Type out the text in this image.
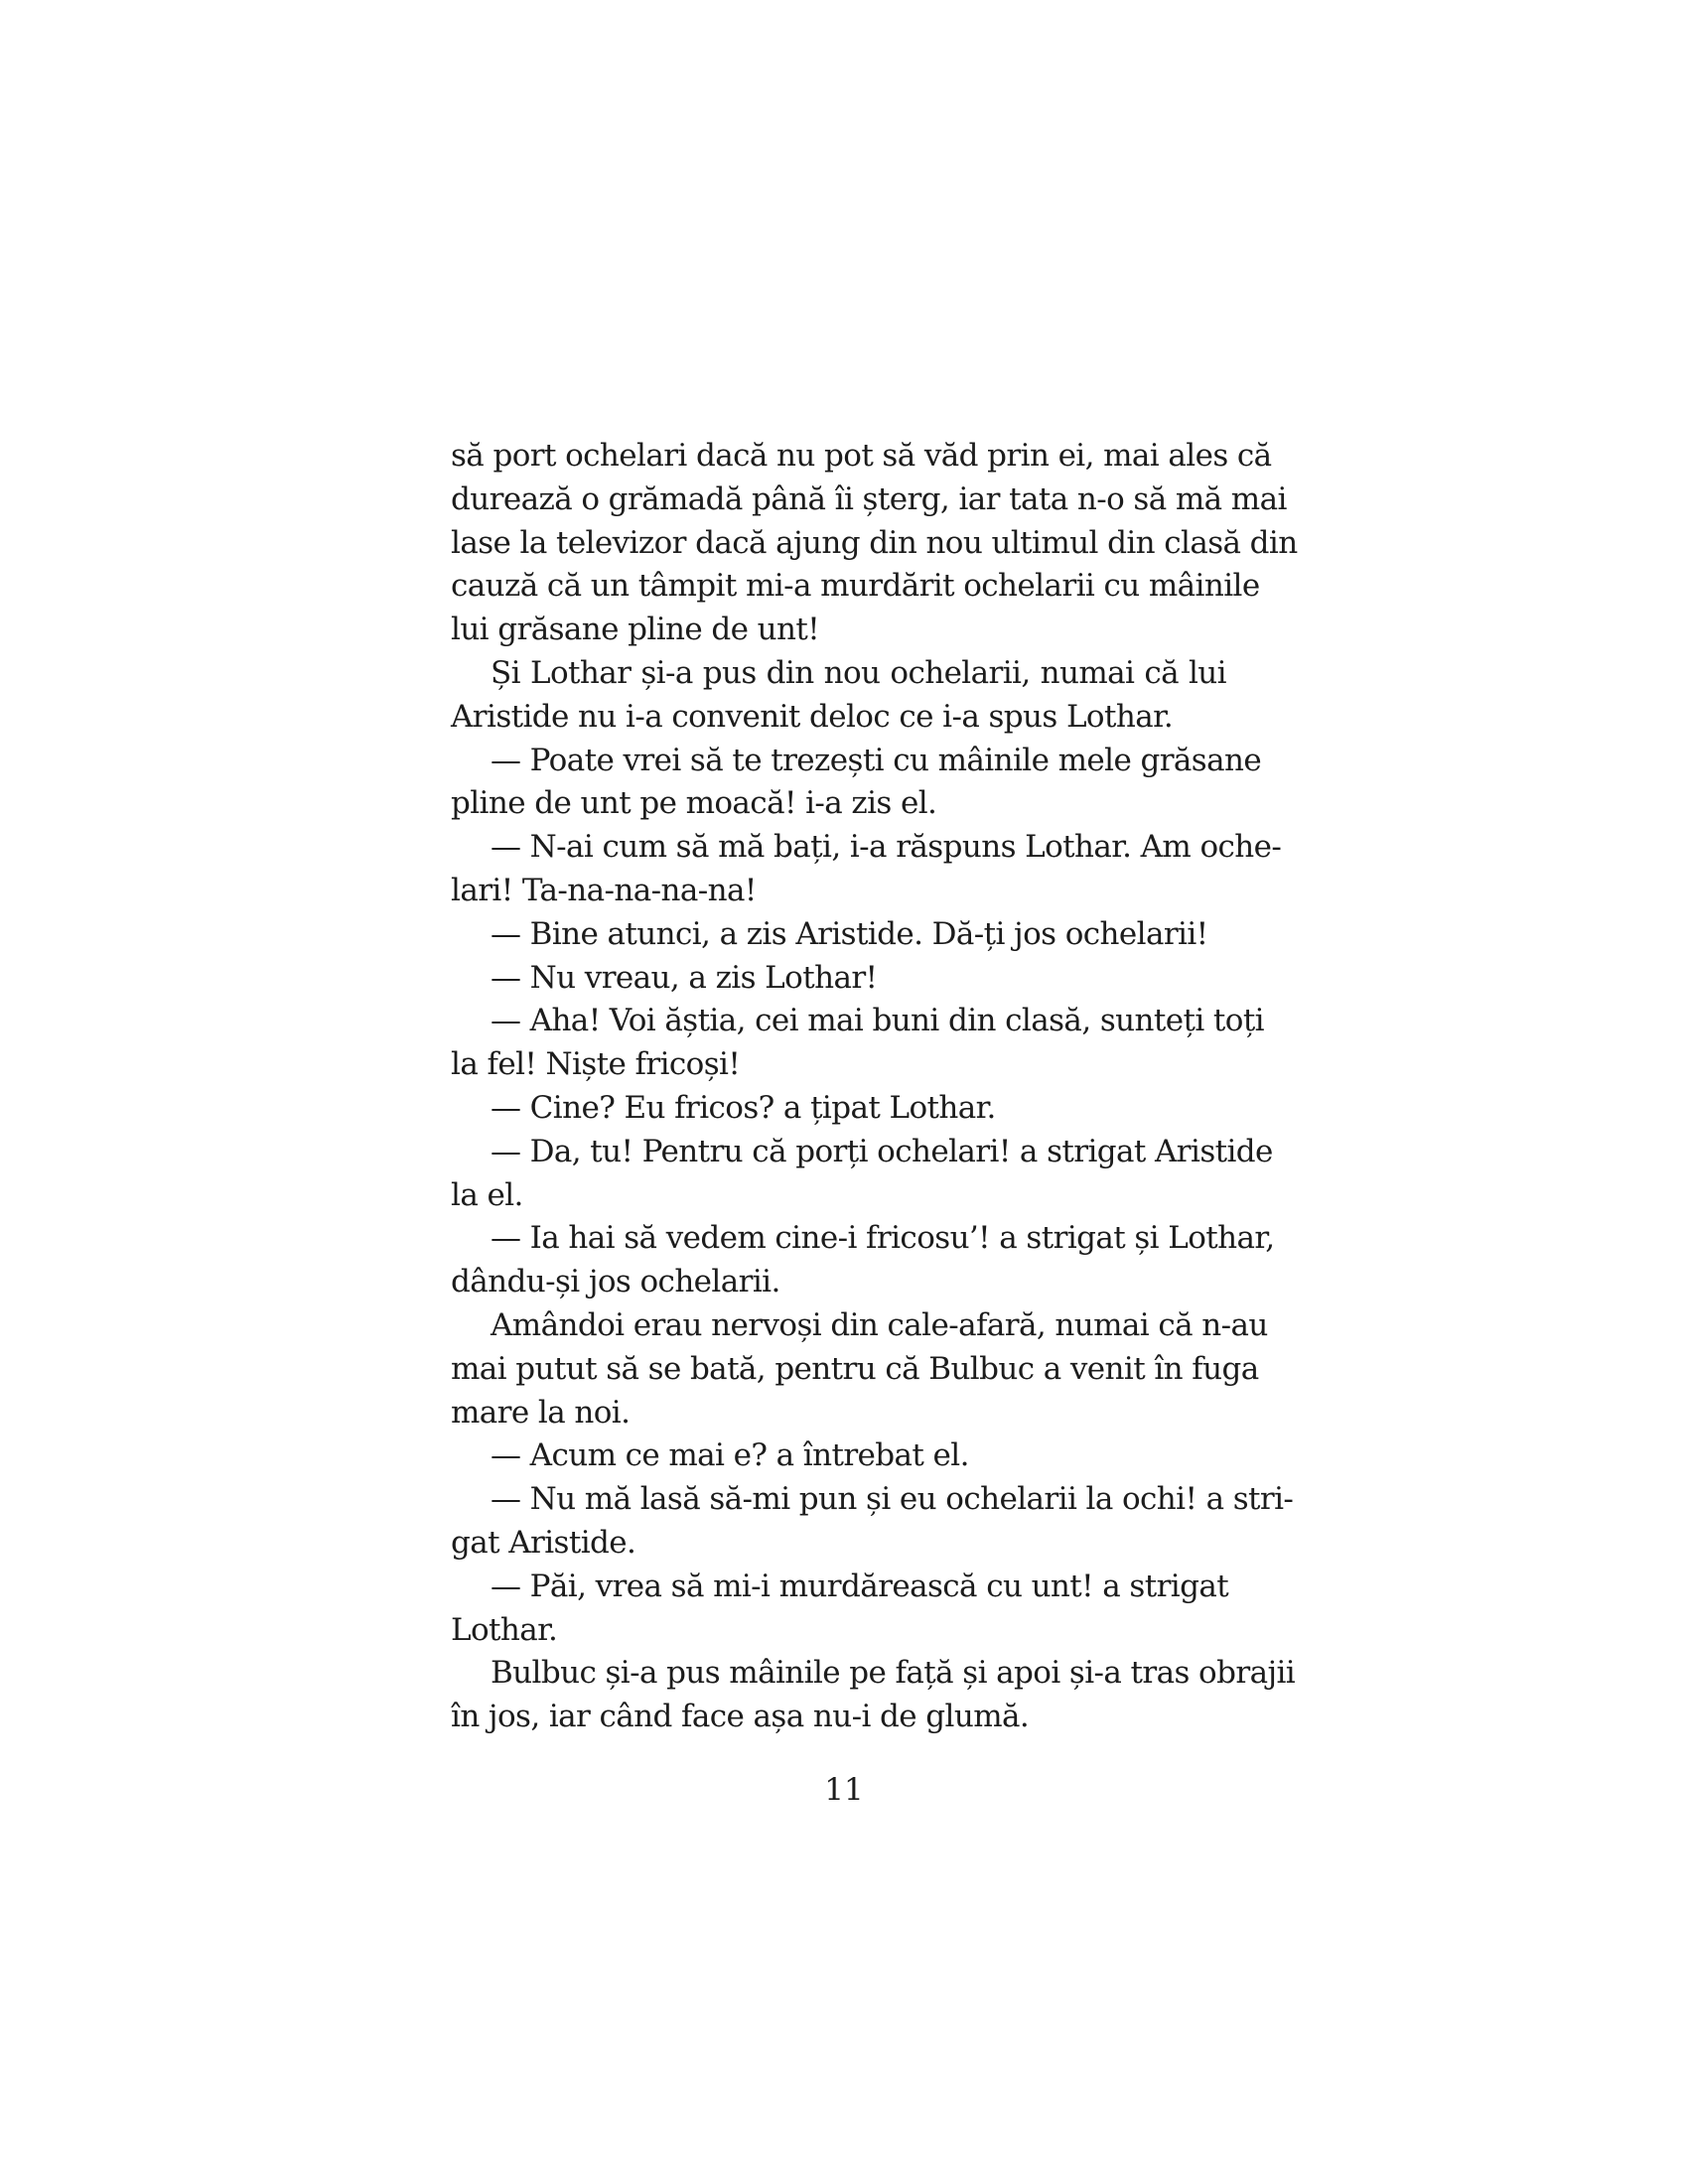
să port ochelari dacă nu pot să văd prin ei, mai ales că
durează o grămadă până îi șterg, iar tata n-o să mă mai
lase la televizor dacă ajung din nou ultimul din clasă din
cauză că un tâmpit mi-a murdărit ochelarii cu mâinile
lui grăsane pline de unt!
Și Lothar și-a pus din nou ochelarii, numai că lui
Aristide nu i-a convenit deloc ce i-a spus Lothar.
— Poate vrei să te trezești cu mâinile mele grăsane
pline de unt pe moacă! i-a zis el.
— N-ai cum să mă bați, i-a răspuns Lothar. Am oche-
lari! Ta-na-na-na-na!
— Bine atunci, a zis Aristide. Dă-ți jos ochelarii!
— Nu vreau, a zis Lothar!
— Aha! Voi ăștia, cei mai buni din clasă, sunteți toți
la fel! Niște fricoși!
— Cine? Eu fricos? a țipat Lothar.
— Da, tu! Pentru că porți ochelari! a strigat Aristide
la el.
— Ia hai să vedem cine-i fricosu’! a strigat și Lothar,
dându-și jos ochelarii.
Amândoi erau nervoși din cale-afară, numai că n-au
mai putut să se bată, pentru că Bulbuc a venit în fuga
mare la noi.
— Acum ce mai e? a întrebat el.
— Nu mă lasă să-mi pun și eu ochelarii la ochi! a stri-
gat Aristide.
— Păi, vrea să mi-i murdărească cu unt! a strigat
Lothar.
Bulbuc și-a pus mâinile pe față și apoi și-a tras obrajii
în jos, iar când face așa nu-i de glumă.
11
